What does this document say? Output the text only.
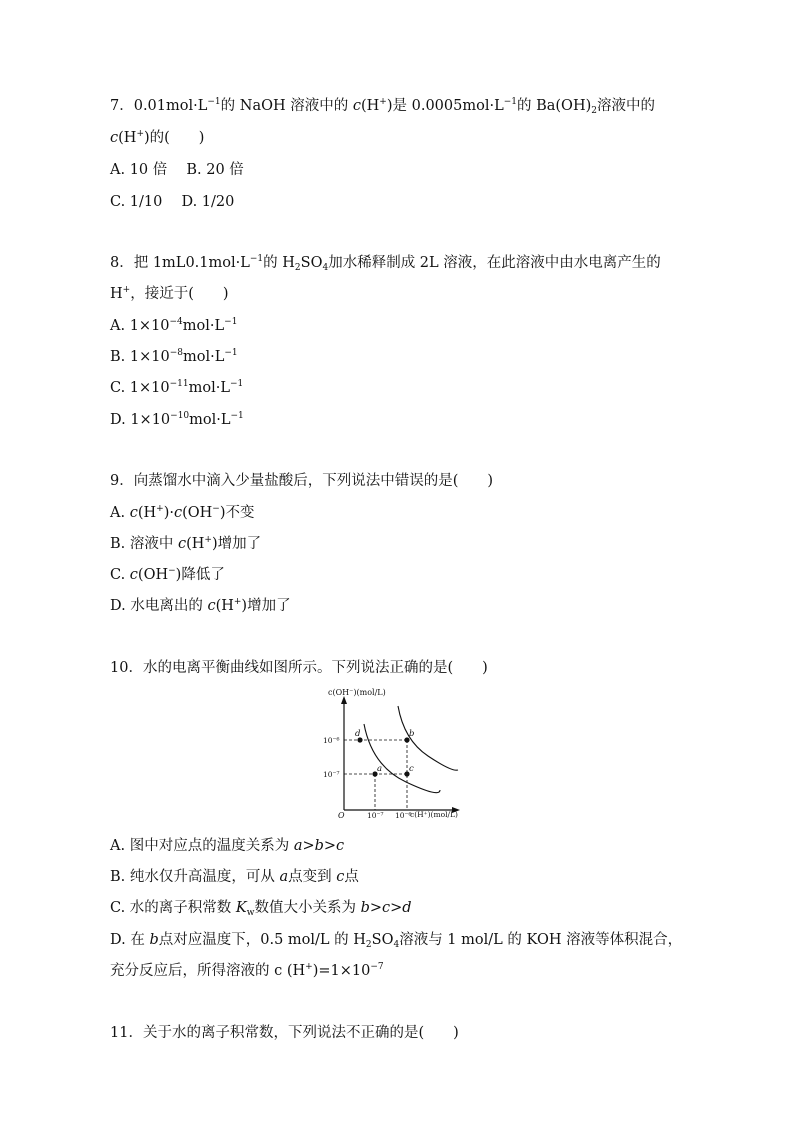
7．$0.01mol\cdot L^{-1}$的 NaOH 溶液中的 c(H+)是 $0.0005mol\cdot L^{-1}$的 $Ba(OH)_2$溶液中的
c(H+)的(　　)
A. 10 倍　 B. 20 倍
C. 1/10　 D. 1/20
8．把 $1mL0.1mol\cdot L^{-1}$的 $H_2SO_4$加水稀释制成 2L 溶液，在此溶液中由水电离产生的
H+，接近于(　　)
A. $1\times 10^{-4}mol\cdot L^{-1}$
B. $1\times 10^{-8}mol\cdot L^{-1}$
C. $1\times 10^{-11}mol\cdot L^{-1}$
D. $1\times 10^{-10}mol\cdot L^{-1}$
9．向蒸馏水中滴入少量盐酸后，下列说法中错误的是(　　)
A. c(H+)·c(OH−)不变
B. 溶液中 c(H+)增加了
C. c(OH−)降低了
D. 水电离出的 c(H+)增加了
10．水的电离平衡曲线如图所示。下列说法正确的是(　　)
c(OH⁻)(mol/L)
c(H⁺)(mol/L)
O
10⁻⁶
10⁻⁷
10⁻⁷ 10⁻⁶
d	b
a	c
A. 图中对应点的温度关系为 a>b>c
B. 纯水仅升高温度，可从 a点变到 c点
C. 水的离子积常数 $K_w$数值大小关系为 b>c>d
D. 在 b点对应温度下，0.5 mol/L 的 $H_2SO_4$溶液与 1 mol/L 的 KOH 溶液等体积混合，
充分反应后，所得溶液的 c $(H^+)=1\times 10^{-7}$
11．关于水的离子积常数，下列说法不正确的是(　　)
